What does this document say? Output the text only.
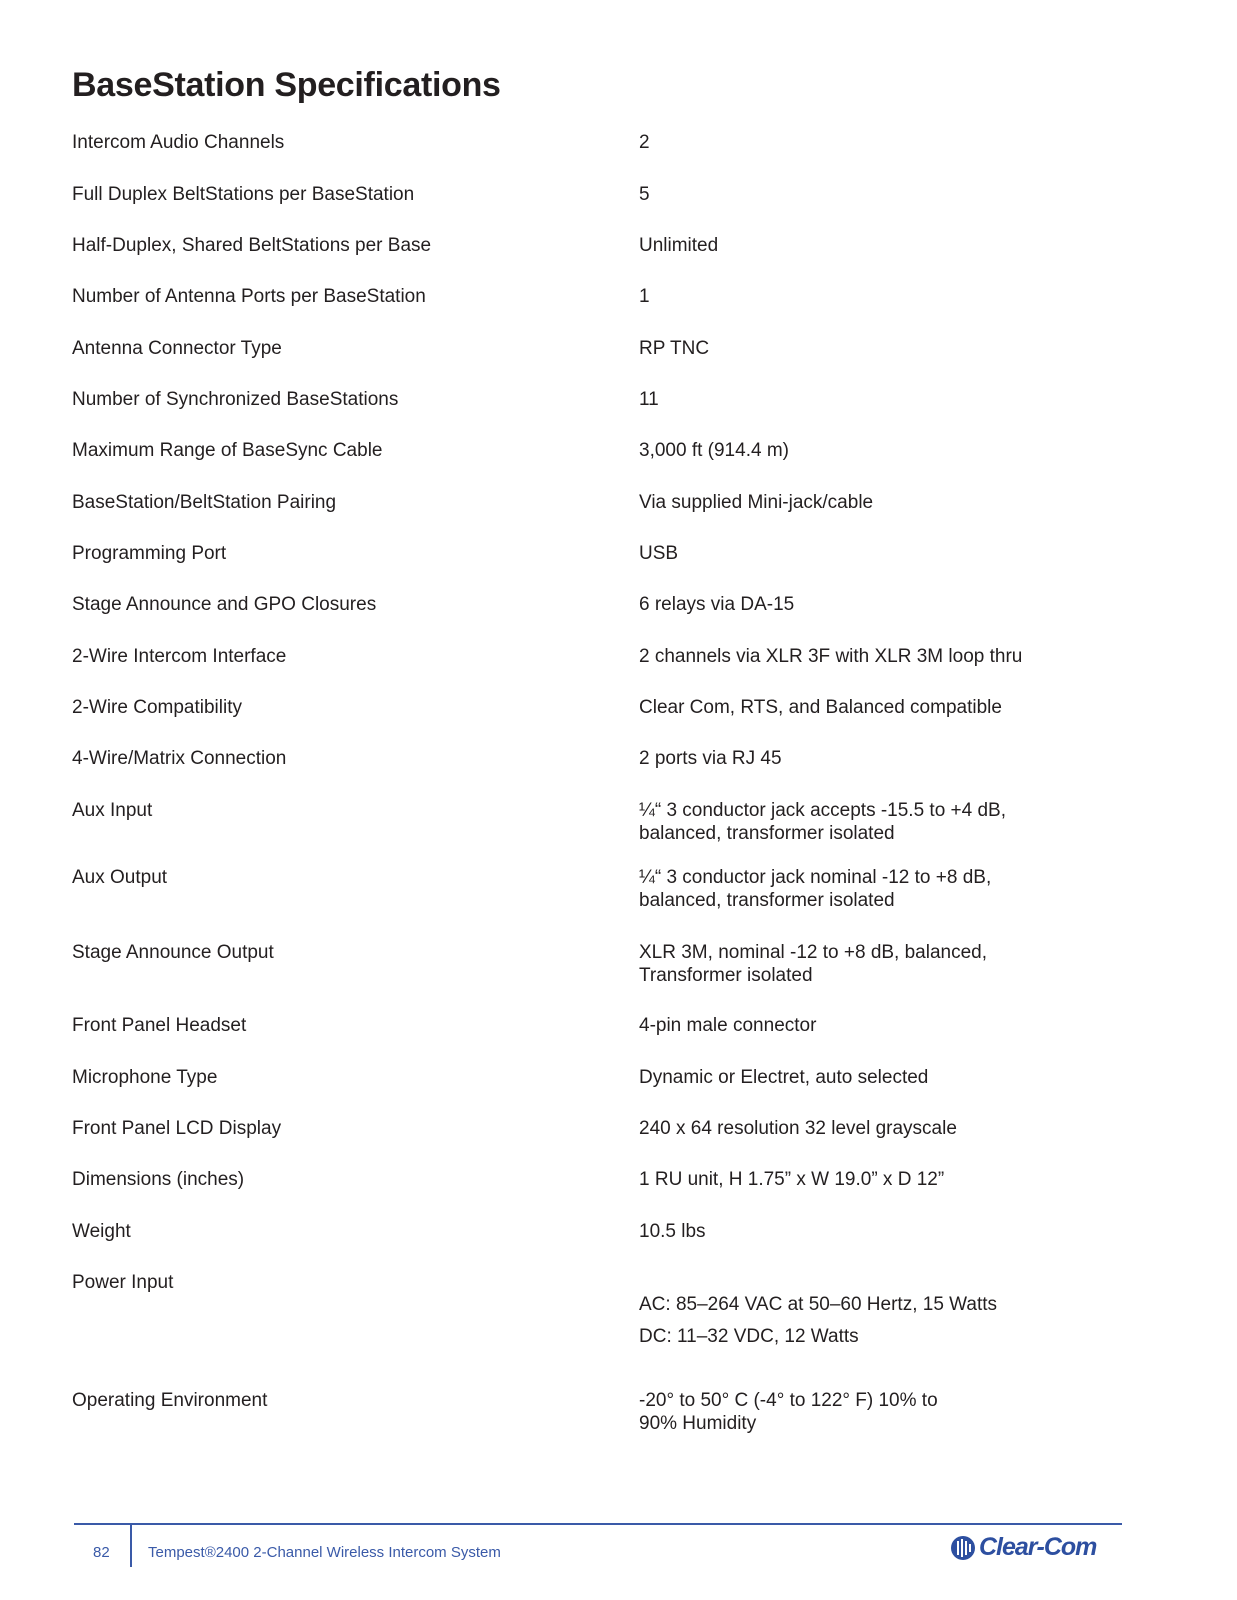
BaseStation Specifications
Intercom Audio Channels	2
Full Duplex BeltStations per BaseStation	5
Half-Duplex, Shared BeltStations per Base	Unlimited
Number of Antenna Ports per BaseStation	1
Antenna Connector Type	RP TNC
Number of Synchronized BaseStations	11
Maximum Range of BaseSync Cable	3,000 ft (914.4 m)
BaseStation/BeltStation Pairing	Via supplied Mini-jack/cable
Programming Port	USB
Stage Announce and GPO Closures	6 relays via DA-15
2-Wire Intercom Interface	2 channels via XLR 3F with XLR 3M loop thru
2-Wire Compatibility	Clear Com, RTS, and Balanced compatible
4-Wire/Matrix Connection	2 ports via RJ 45
Aux Input	¼“ 3 conductor jack accepts -15.5 to +4 dB,
balanced, transformer isolated
Aux Output	¼“ 3 conductor jack nominal -12 to +8 dB,
balanced, transformer isolated
Stage Announce Output	XLR 3M, nominal -12 to +8 dB, balanced,
Transformer isolated
Front Panel Headset	4-pin male connector
Microphone Type	Dynamic or Electret, auto selected
Front Panel LCD Display	240 x 64 resolution 32 level grayscale
Dimensions (inches)	1 RU unit, H 1.75” x W 19.0” x D 12”
Weight	10.5 lbs
Power Input
AC: 85–264 VAC at 50–60 Hertz, 15 Watts
DC: 11–32 VDC, 12 Watts
Operating Environment	-20° to 50° C (-4° to 122° F) 10% to
90% Humidity
82	Tempest®2400 2-Channel Wireless Intercom System	Clear-Com
